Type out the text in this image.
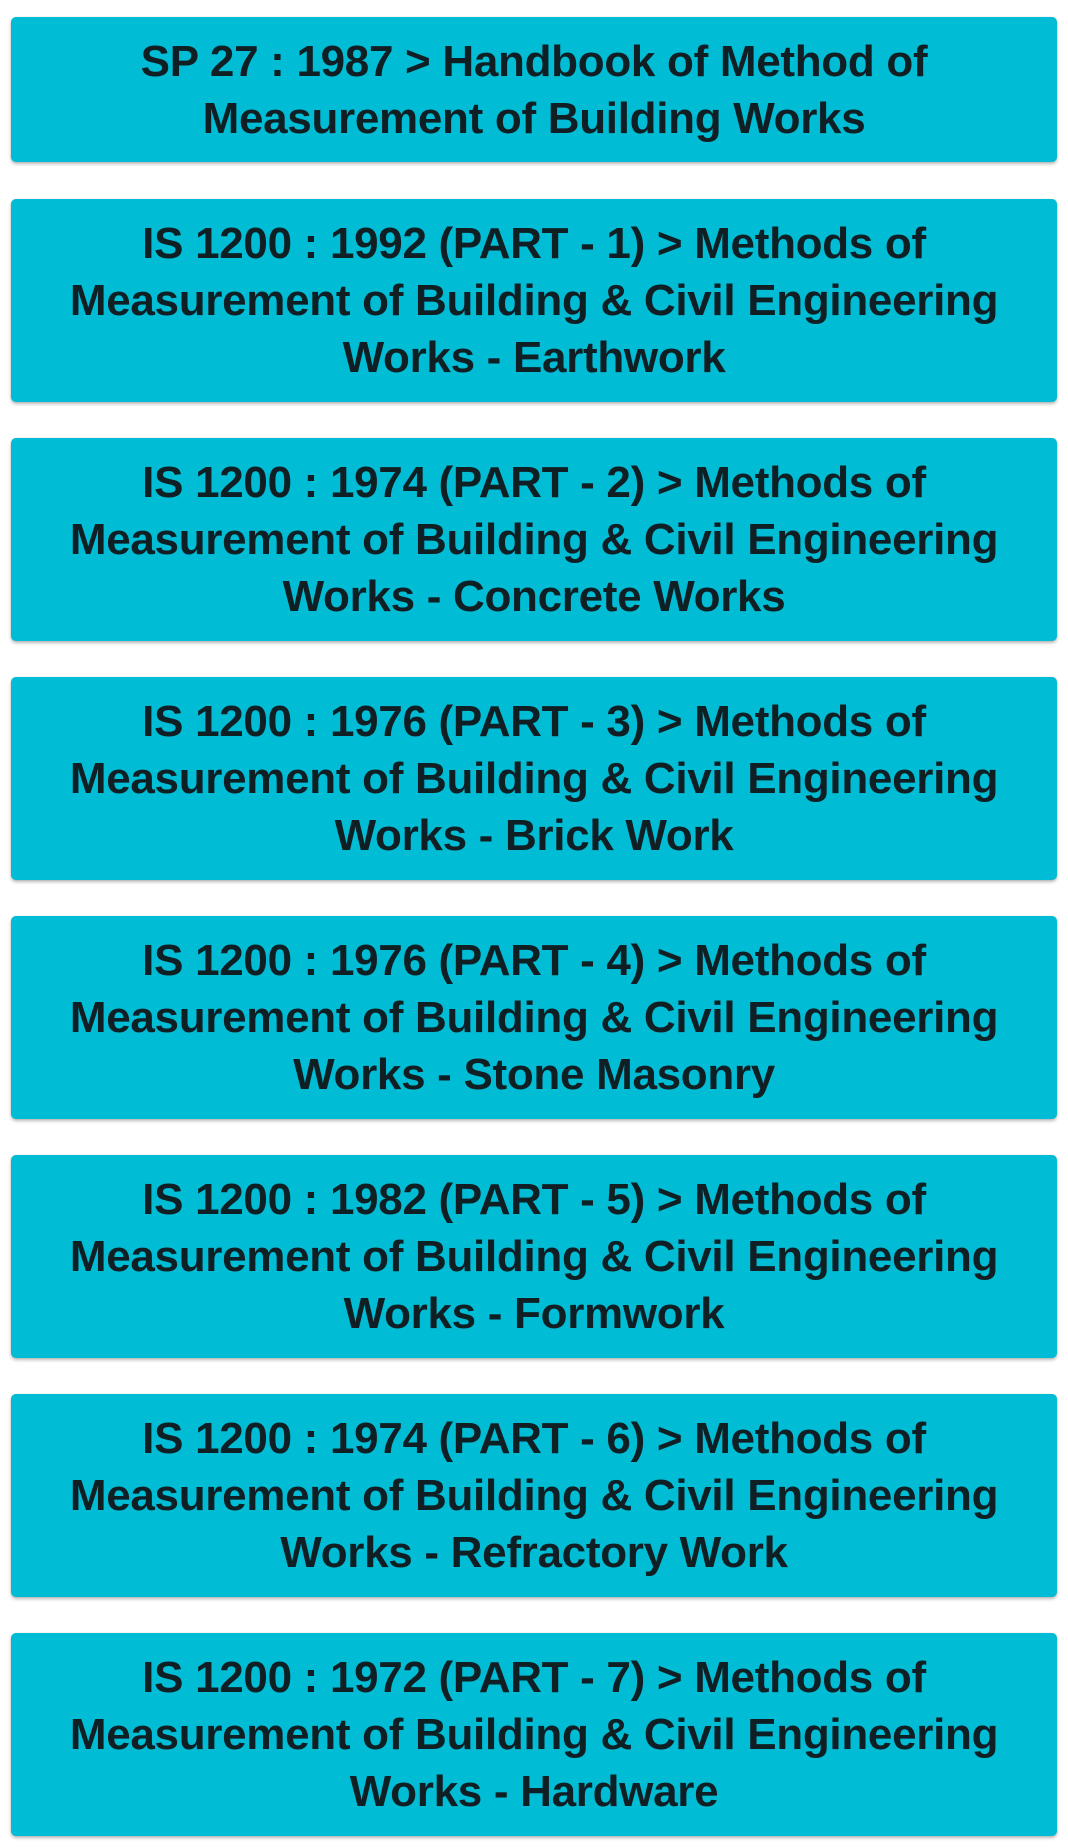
SP 27 : 1987 > Handbook of Method of Measurement of Building Works
IS 1200 : 1992 (PART - 1) > Methods of Measurement of Building & Civil Engineering Works - Earthwork
IS 1200 : 1974 (PART - 2) > Methods of Measurement of Building & Civil Engineering Works - Concrete Works
IS 1200 : 1976 (PART - 3) > Methods of Measurement of Building & Civil Engineering Works - Brick Work
IS 1200 : 1976 (PART - 4) > Methods of Measurement of Building & Civil Engineering Works - Stone Masonry
IS 1200 : 1982 (PART - 5) > Methods of Measurement of Building & Civil Engineering Works - Formwork
IS 1200 : 1974 (PART - 6) > Methods of Measurement of Building & Civil Engineering Works - Refractory Work
IS 1200 : 1972 (PART - 7) > Methods of Measurement of Building & Civil Engineering Works - Hardware
